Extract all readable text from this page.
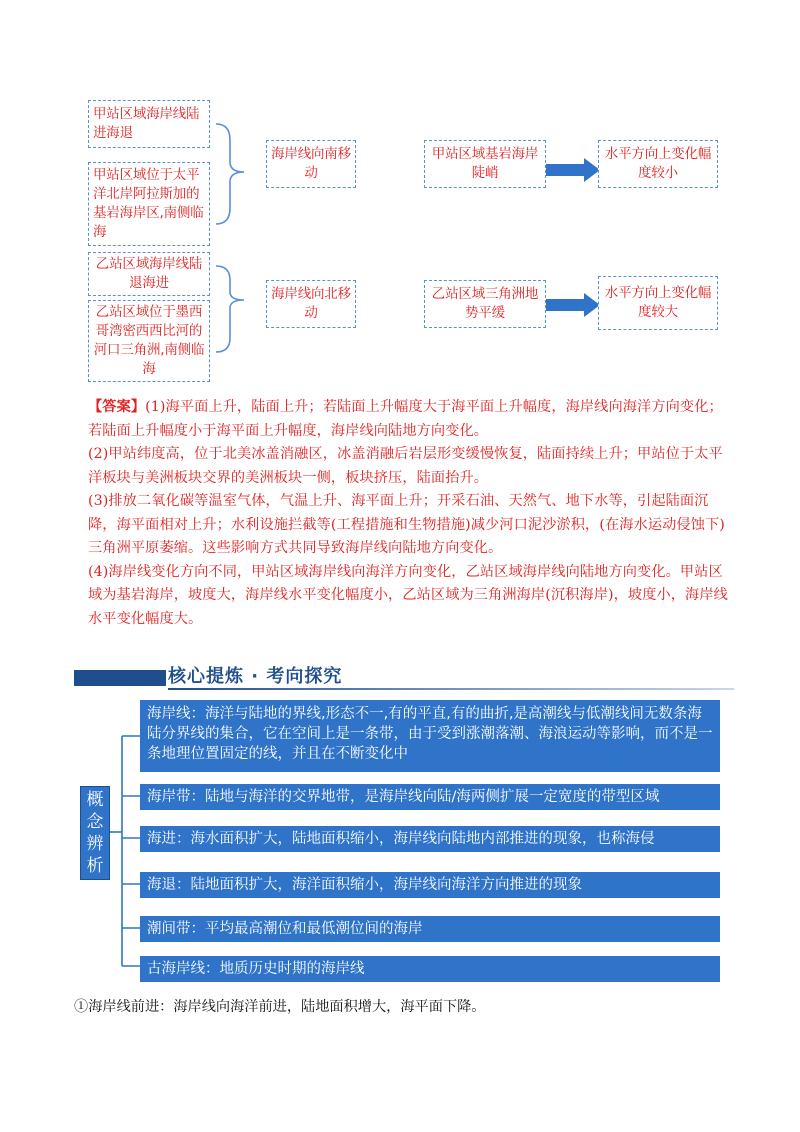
甲站区域海岸线陆进海退
甲站区域位于太平洋北岸阿拉斯加的基岩海岸区,南侧临海
乙站区域海岸线陆退海进
乙站区域位于墨西哥湾密西西比河的河口三角洲,南侧临海
海岸线向南移动
海岸线向北移动
甲站区域基岩海岸陡峭
乙站区域三角洲地势平缓
水平方向上变化幅度较小
水平方向上变化幅度较大

【答案】(1)海平面上升，陆面上升；若陆面上升幅度大于海平面上升幅度，海岸线向海洋方向变化；若陆面上升幅度小于海平面上升幅度，海岸线向陆地方向变化。

(2)甲站纬度高，位于北美冰盖消融区，冰盖消融后岩层形变缓慢恢复，陆面持续上升；甲站位于太平洋板块与美洲板块交界的美洲板块一侧，板块挤压，陆面抬升。

(3)排放二氧化碳等温室气体，气温上升、海平面上升；开采石油、天然气、地下水等，引起陆面沉降，海平面相对上升；水利设施拦截等(工程措施和生物措施)减少河口泥沙淤积，(在海水运动侵蚀下)三角洲平原萎缩。这些影响方式共同导致海岸线向陆地方向变化。

(4)海岸线变化方向不同，甲站区域海岸线向海洋方向变化，乙站区域海岸线向陆地方向变化。甲站区域为基岩海岸，坡度大，海岸线水平变化幅度小，乙站区域为三角洲海岸(沉积海岸)，坡度小，海岸线水平变化幅度大。

核心提炼 · 考向探究
概
念
辨
析
海岸线：海洋与陆地的界线,形态不一,有的平直,有的曲折,是高潮线与低潮线间无数条海陆分界线的集合，它在空间上是一条带，由于受到涨潮落潮、海浪运动等影响，而不是一条地理位置固定的线，并且在不断变化中
海岸带：陆地与海洋的交界地带，是海岸线向陆/海两侧扩展一定宽度的带型区域
海进：海水面积扩大，陆地面积缩小，海岸线向陆地内部推进的现象，也称海侵
海退：陆地面积扩大，海洋面积缩小，海岸线向海洋方向推进的现象
潮间带：平均最高潮位和最低潮位间的海岸
古海岸线：地质历史时期的海岸线
①海岸线前进：海岸线向海洋前进，陆地面积增大，海平面下降。
